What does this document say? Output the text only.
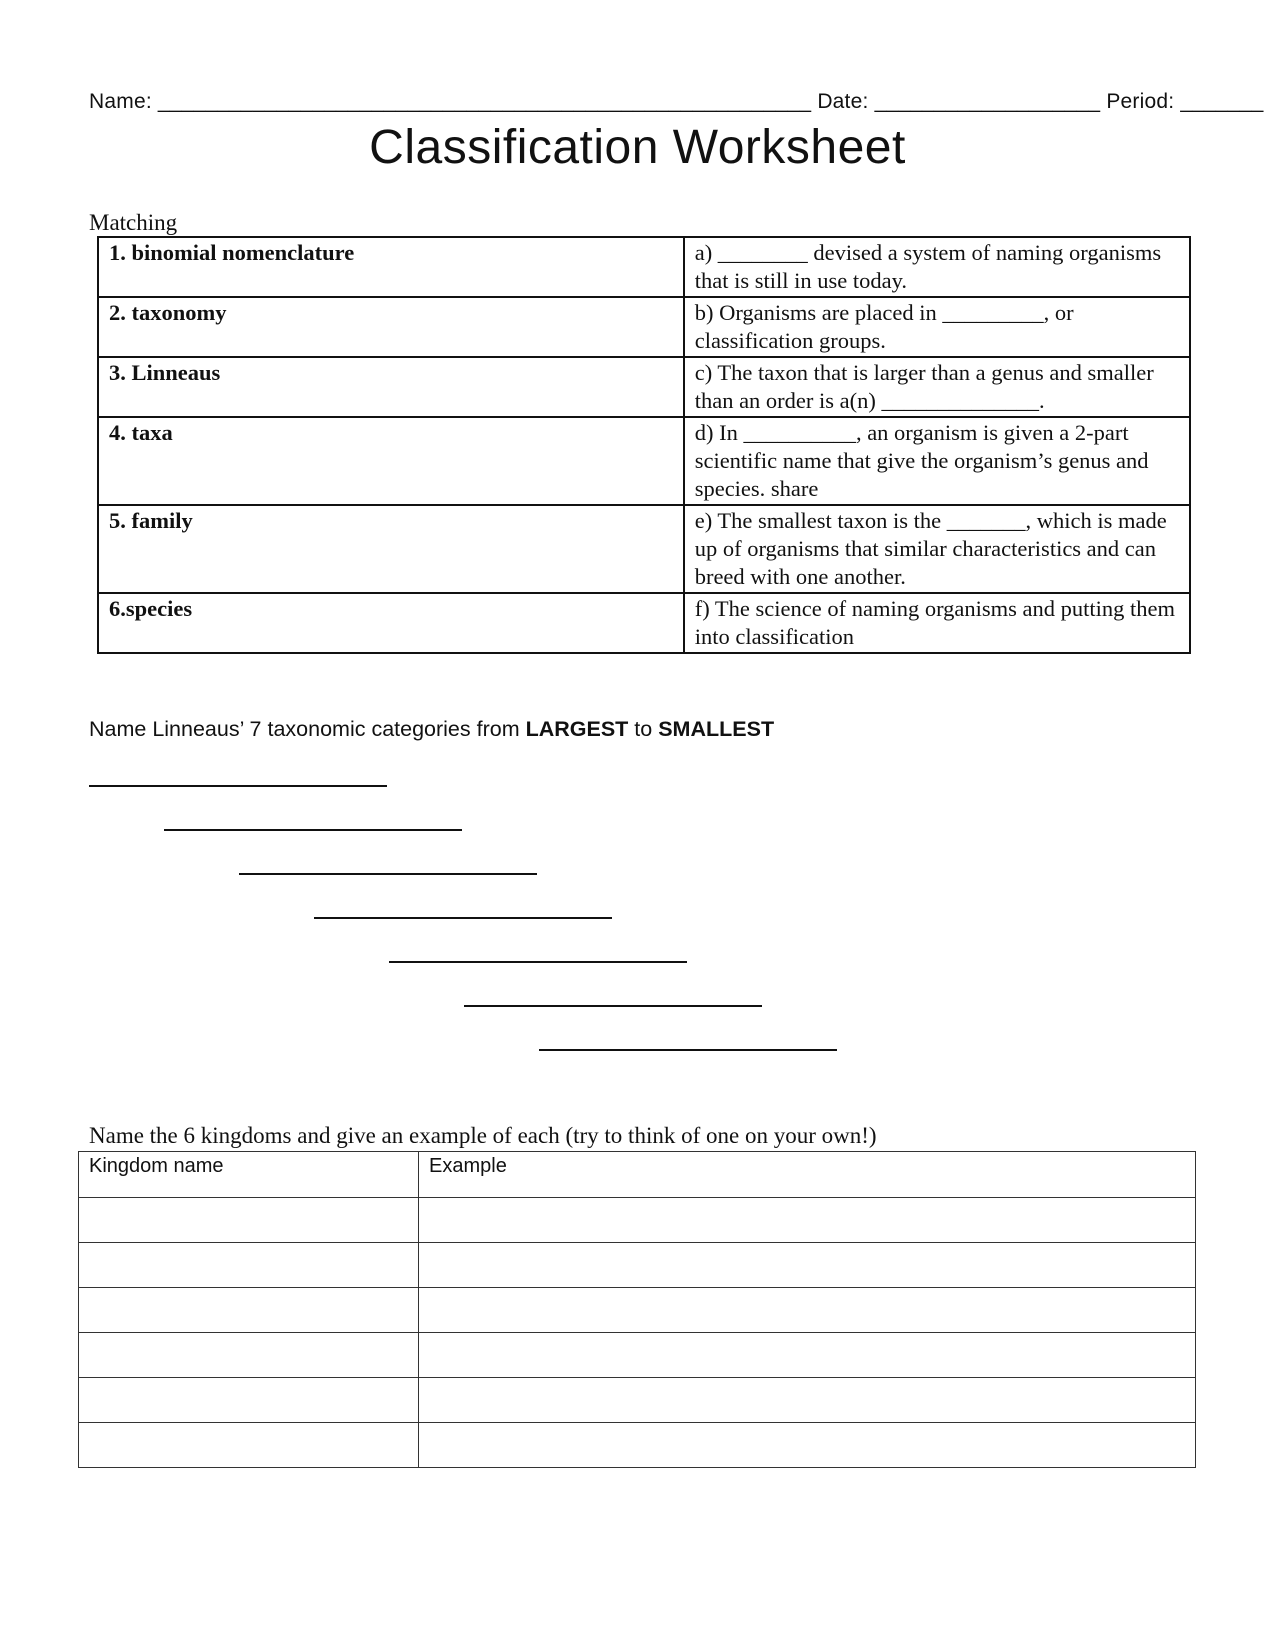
Name: _______________________________________________________ Date: ___________________ Period: _______
Classification Worksheet
Matching
1. binomial nomenclature	a) ________ devised a system of naming organisms that is still in use today.
2. taxonomy	b) Organisms are placed in _________, or classification groups.
3. Linneaus	c) The taxon that is larger than a genus and smaller than an order is a(n) ______________.
4. taxa	d) In __________, an organism is given a 2-part scientific name that give the organism’s genus and species. share
5. family	e) The smallest taxon is the _______, which is made up of organisms that similar characteristics and can breed with one another.
6.species	f) The science of naming organisms and putting them into classification
Name Linneaus’ 7 taxonomic categories from LARGEST to SMALLEST
Name the 6 kingdoms and give an example of each (try to think of one on your own!)
Kingdom name	Example
